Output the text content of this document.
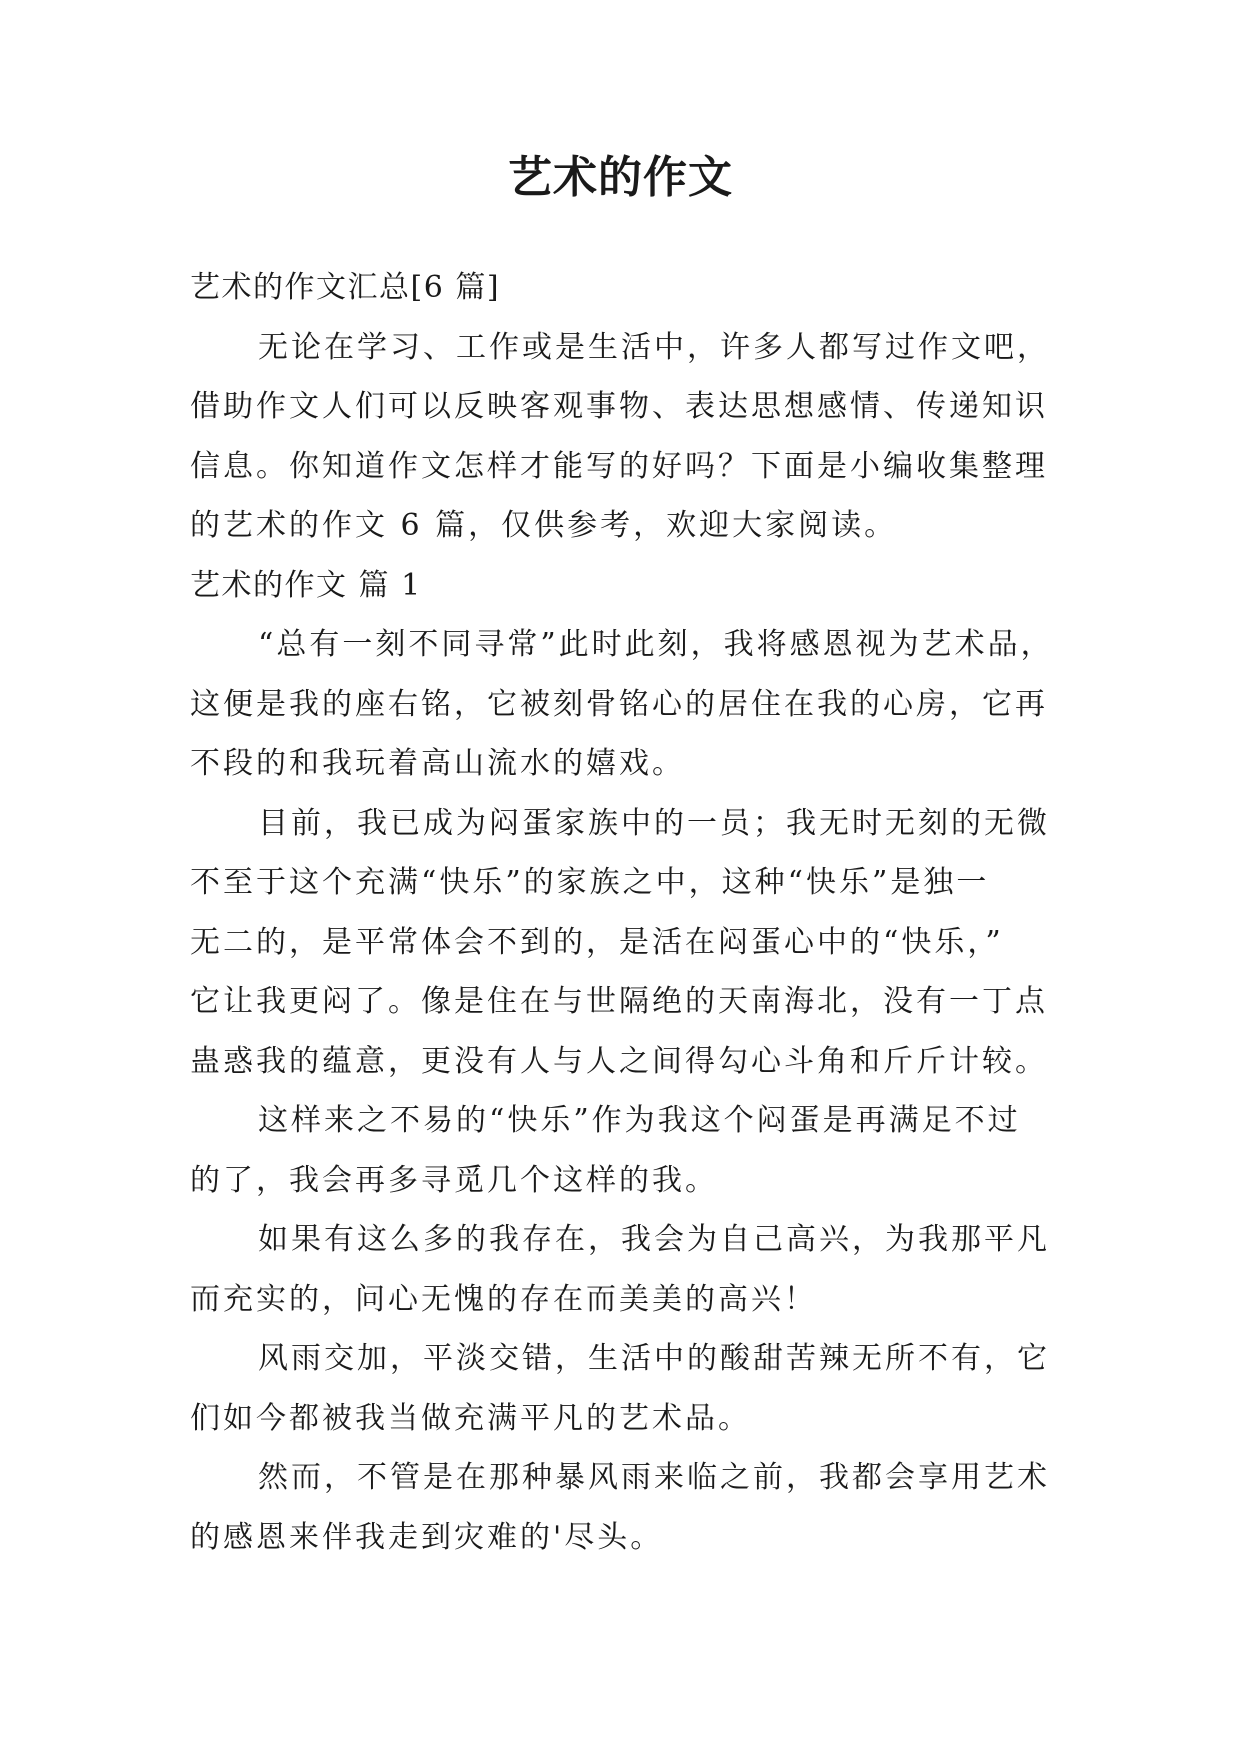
艺术的作文
艺术的作文汇总[6 篇]
无论在学习、工作或是生活中，许多人都写过作文吧，
借助作文人们可以反映客观事物、表达思想感情、传递知识
信息。你知道作文怎样才能写的好吗？下面是小编收集整理
的艺术的作文 6 篇，仅供参考，欢迎大家阅读。
艺术的作文 篇 1
“总有一刻不同寻常”此时此刻，我将感恩视为艺术品，
这便是我的座右铭，它被刻骨铭心的居住在我的心房，它再
不段的和我玩着高山流水的嬉戏。
目前，我已成为闷蛋家族中的一员；我无时无刻的无微
不至于这个充满“快乐”的家族之中，这种“快乐”是独一
无二的，是平常体会不到的，是活在闷蛋心中的“快乐，”
它让我更闷了。像是住在与世隔绝的天南海北，没有一丁点
蛊惑我的蕴意，更没有人与人之间得勾心斗角和斤斤计较。
这样来之不易的“快乐”作为我这个闷蛋是再满足不过
的了，我会再多寻觅几个这样的我。
如果有这么多的我存在，我会为自己高兴，为我那平凡
而充实的，问心无愧的存在而美美的高兴！
风雨交加，平淡交错，生活中的酸甜苦辣无所不有，它
们如今都被我当做充满平凡的艺术品。
然而，不管是在那种暴风雨来临之前，我都会享用艺术
的感恩来伴我走到灾难的'尽头。
